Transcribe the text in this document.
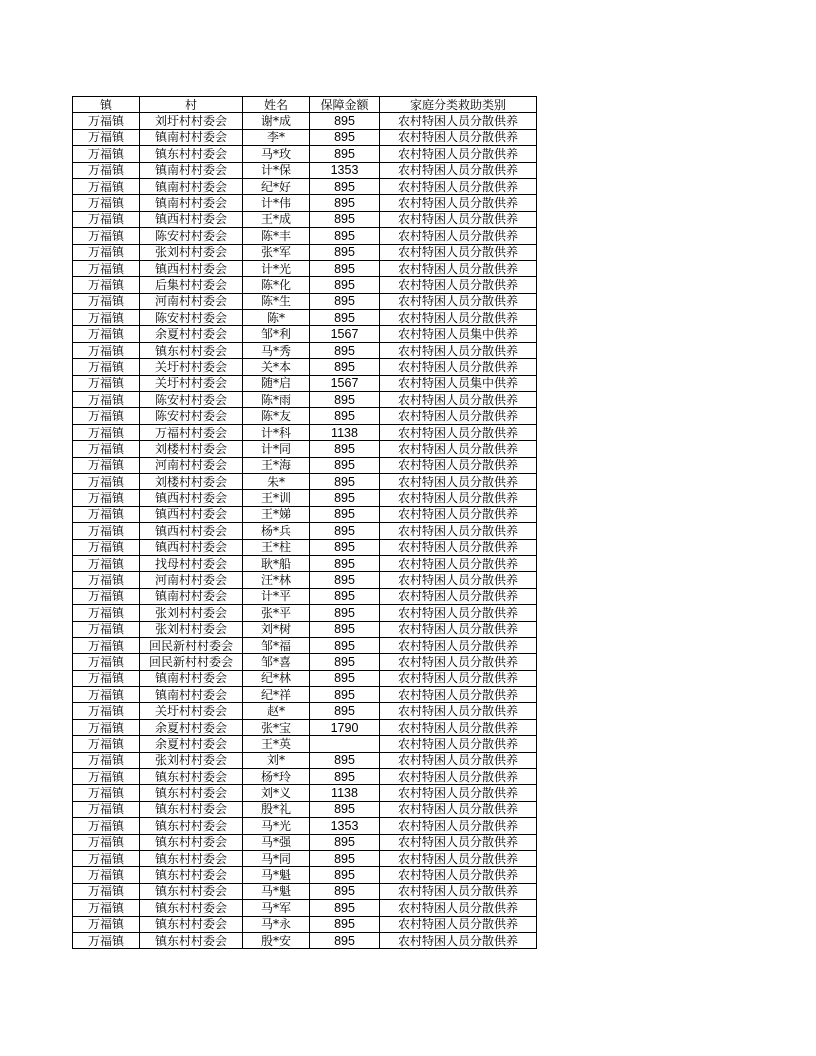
镇	村	姓名	保障金额	家庭分类救助类别
万福镇	刘圩村村委会	谢*成	895	农村特困人员分散供养
万福镇	镇南村村委会	李*	895	农村特困人员分散供养
万福镇	镇东村村委会	马*玫	895	农村特困人员分散供养
万福镇	镇南村村委会	计*保	1353	农村特困人员分散供养
万福镇	镇南村村委会	纪*好	895	农村特困人员分散供养
万福镇	镇南村村委会	计*伟	895	农村特困人员分散供养
万福镇	镇西村村委会	王*成	895	农村特困人员分散供养
万福镇	陈安村村委会	陈*丰	895	农村特困人员分散供养
万福镇	张刘村村委会	张*军	895	农村特困人员分散供养
万福镇	镇西村村委会	计*光	895	农村特困人员分散供养
万福镇	后集村村委会	陈*化	895	农村特困人员分散供养
万福镇	河南村村委会	陈*生	895	农村特困人员分散供养
万福镇	陈安村村委会	陈*	895	农村特困人员分散供养
万福镇	余夏村村委会	邹*利	1567	农村特困人员集中供养
万福镇	镇东村村委会	马*秀	895	农村特困人员分散供养
万福镇	关圩村村委会	关*本	895	农村特困人员分散供养
万福镇	关圩村村委会	随*启	1567	农村特困人员集中供养
万福镇	陈安村村委会	陈*雨	895	农村特困人员分散供养
万福镇	陈安村村委会	陈*友	895	农村特困人员分散供养
万福镇	万福村村委会	计*科	1138	农村特困人员分散供养
万福镇	刘楼村村委会	计*同	895	农村特困人员分散供养
万福镇	河南村村委会	王*海	895	农村特困人员分散供养
万福镇	刘楼村村委会	朱*	895	农村特困人员分散供养
万福镇	镇西村村委会	王*训	895	农村特困人员分散供养
万福镇	镇西村村委会	王*娣	895	农村特困人员分散供养
万福镇	镇西村村委会	杨*兵	895	农村特困人员分散供养
万福镇	镇西村村委会	王*柱	895	农村特困人员分散供养
万福镇	找母村村委会	耿*船	895	农村特困人员分散供养
万福镇	河南村村委会	汪*林	895	农村特困人员分散供养
万福镇	镇南村村委会	计*平	895	农村特困人员分散供养
万福镇	张刘村村委会	张*平	895	农村特困人员分散供养
万福镇	张刘村村委会	刘*树	895	农村特困人员分散供养
万福镇	回民新村村委会	邹*福	895	农村特困人员分散供养
万福镇	回民新村村委会	邹*喜	895	农村特困人员分散供养
万福镇	镇南村村委会	纪*林	895	农村特困人员分散供养
万福镇	镇南村村委会	纪*祥	895	农村特困人员分散供养
万福镇	关圩村村委会	赵*	895	农村特困人员分散供养
万福镇	余夏村村委会	张*宝	1790	农村特困人员分散供养
万福镇	余夏村村委会	王*英		农村特困人员分散供养
万福镇	张刘村村委会	刘*	895	农村特困人员分散供养
万福镇	镇东村村委会	杨*玲	895	农村特困人员分散供养
万福镇	镇东村村委会	刘*义	1138	农村特困人员分散供养
万福镇	镇东村村委会	殷*礼	895	农村特困人员分散供养
万福镇	镇东村村委会	马*光	1353	农村特困人员分散供养
万福镇	镇东村村委会	马*强	895	农村特困人员分散供养
万福镇	镇东村村委会	马*同	895	农村特困人员分散供养
万福镇	镇东村村委会	马*魁	895	农村特困人员分散供养
万福镇	镇东村村委会	马*魁	895	农村特困人员分散供养
万福镇	镇东村村委会	马*军	895	农村特困人员分散供养
万福镇	镇东村村委会	马*永	895	农村特困人员分散供养
万福镇	镇东村村委会	殷*安	895	农村特困人员分散供养
